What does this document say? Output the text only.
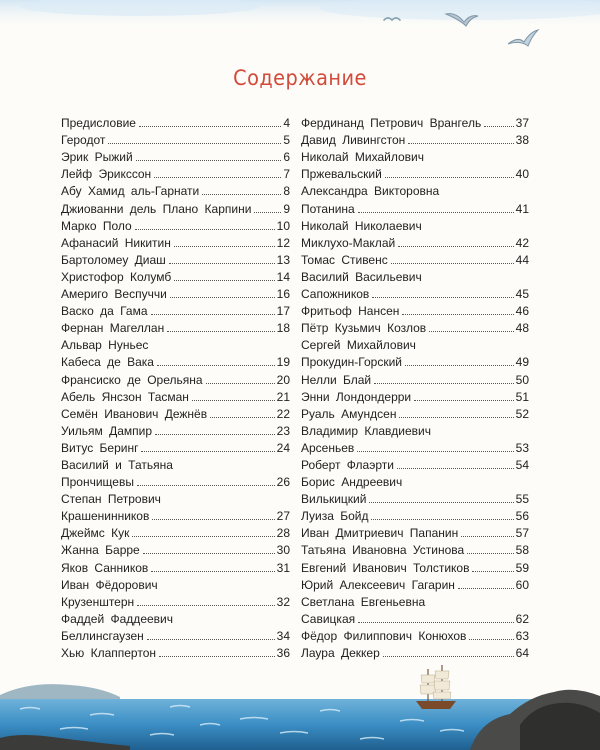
Содержание
Предисловие	4
Геродот	5
Эрик Рыжий	6
Лейф Эриксcон	7
Абу Хамид аль-Гарнати	8
Джиованни дель Плано Карпини	9
Марко Поло	10
Афанасий Никитин	12
Бартоломеу Диаш	13
Христофор Колумб	14
Америго Веспуччи	16
Васко да Гама	17
Фернан Магеллан	18
Альвар Нуньес
Кабеса де Вака	19
Франсиско де Орельяна	20
Абель Янсзон Тасман	21
Семён Иванович Дежнёв	22
Уильям Дампир	23
Витус Беринг	24
Василий и Татьяна
Прончищевы	26
Степан Петрович
Крашенинников	27
Джеймс Кук	28
Жанна Барре	30
Яков Санников	31
Иван Фёдорович
Крузенштерн	32
Фаддей Фаддеевич
Беллинсгаузен	34
Хью Клаппертон	36
Фердинанд Петрович Врангель	37
Давид Ливингстон	38
Николай Михайлович
Пржевальский	40
Александра Викторовна
Потанина	41
Николай Николаевич
Миклухо-Маклай	42
Томас Стивенс	44
Василий Васильевич
Сапожников	45
Фритьоф Нансен	46
Пётр Кузьмич Козлов	48
Сергей Михайлович
Прокудин-Горский	49
Нелли Блай	50
Энни Лондондерри	51
Руаль Амундсен	52
Владимир Клавдиевич
Арсеньев	53
Роберт Флаэрти	54
Борис Андреевич
Вилькицкий	55
Луиза Бойд	56
Иван Дмитриевич Папанин	57
Татьяна Ивановна Устинова	58
Евгений Иванович Толстиков	59
Юрий Алексеевич Гагарин	60
Светлана Евгеньевна
Савицкая	62
Фёдор Филиппович Конюхов	63
Лаура Деккер	64
